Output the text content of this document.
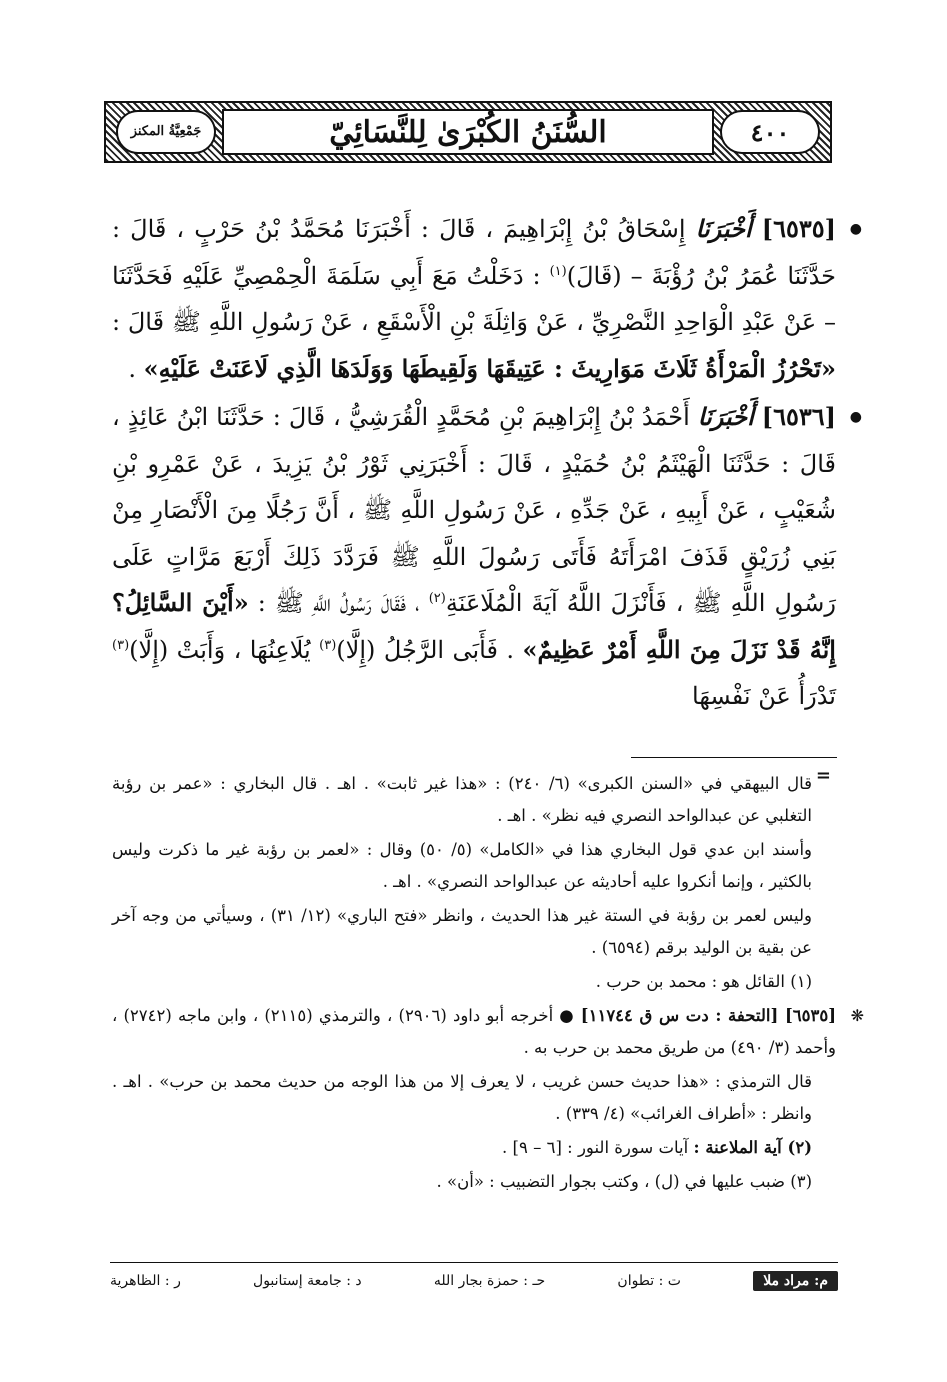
السُّنَنُ الكُبْرَىٰ لِلنَّسَائِيّ	٤٠٠
جَمْعِيَّةُ المكنز

● [٦٥٣٥] أَخْبَرَنَا إِسْحَاقُ بْنُ إِبْرَاهِيمَ ، قَالَ : أَخْبَرَنَا مُحَمَّدُ بْنُ حَرْبٍ ، قَالَ : حَدَّثَنَا عُمَرُ بْنُ رُؤْبَةَ – (قَالَ)$^{(١)}$ : دَخَلْتُ مَعَ أَبِي سَلَمَةَ الْحِمْصِيِّ عَلَيْهِ فَحَدَّثَنَا – عَنْ عَبْدِ الْوَاحِدِ النَّصْرِيِّ ، عَنْ وَاثِلَةَ بْنِ الْأَسْقَعِ ، عَنْ رَسُولِ اللَّهِ ﷺ قَالَ : «تَحْرُزُ الْمَرْأَةُ ثَلَاثَ مَوَارِيثَ : عَتِيقَهَا وَلَقِيطَهَا وَوَلَدَهَا الَّذِي لَاعَنَتْ عَلَيْهِ» .

● [٦٥٣٦] أَخْبَرَنَا أَحْمَدُ بْنُ إِبْرَاهِيمَ بْنِ مُحَمَّدٍ الْقُرَشِيُّ ، قَالَ : حَدَّثَنَا ابْنُ عَائِذٍ ، قَالَ : حَدَّثَنَا الْهَيْثَمُ بْنُ حُمَيْدٍ ، قَالَ : أَخْبَرَنِي ثَوْرُ بْنُ يَزِيدَ ، عَنْ عَمْرِو بْنِ شُعَيْبٍ ، عَنْ أَبِيهِ ، عَنْ جَدِّهِ ، عَنْ رَسُولِ اللَّهِ ﷺ ، أَنَّ رَجُلًا مِنَ الْأَنْصَارِ مِنْ بَنِي زُرَيْقٍ قَذَفَ امْرَأَتَهُ فَأَتَى رَسُولَ اللَّهِ ﷺ فَرَدَّدَ ذَلِكَ أَرْبَعَ مَرَّاتٍ عَلَى رَسُولِ اللَّهِ ﷺ ، فَأَنْزَلَ اللَّهُ آيَةَ الْمُلَاعَنَةِ$^{(٢)}$ ، فَقَالَ رَسُولُ اللَّهِ ﷺ : «أَيْنَ السَّائِلُ؟ إِنَّهُ قَدْ نَزَلَ مِنَ اللَّهِ أَمْرٌ عَظِيمٌ» . فَأَبَى الرَّجُلُ (إِلَّا)$^{(٣)}$ يُلَاعِنُهَا ، وَأَبَتْ (إِلَّا)$^{(٣)}$ تَدْرَأُ عَنْ نَفْسِهَا

=

قال البيهقي في «السنن الكبرى» (٦/ ٢٤٠) : «هذا غير ثابت» . اهـ . قال البخاري : «عمر بن رؤبة التغلبي عن عبدالواحد النصري فيه نظر» . اهـ .

وأسند ابن عدي قول البخاري هذا في «الكامل» (٥/ ٥٠) وقال : «لعمر بن رؤبة غير ما ذكرت وليس بالكثير ، وإنما أنكروا عليه أحاديثه عن عبدالواحد النصري» . اهـ .

وليس لعمر بن رؤبة في الستة غير هذا الحديث ، وانظر «فتح الباري» (١٢/ ٣١) ، وسيأتي من وجه آخر عن بقية بن الوليد برقم (٦٥٩٤) .

(١) القائل هو : محمد بن حرب .

❋ [٦٥٣٥] [التحفة : دت س ق ١١٧٤٤] ● أخرجه أبو داود (٢٩٠٦) ، والترمذي (٢١١٥) ، وابن ماجه (٢٧٤٢) ، وأحمد (٣/ ٤٩٠) من طريق محمد بن حرب به .

قال الترمذي : «هذا حديث حسن غريب ، لا يعرف إلا من هذا الوجه من حديث محمد بن حرب» . اهـ . وانظر : «أطراف الغرائب» (٤/ ٣٣٩) .

(٢) آية الملاعنة : آيات سورة النور : [٦ – ٩] .

(٣) ضبب عليها في (ل) ، وكتب بجوار التضبيب : «أن» .

م: مراد ملا
ت : تطوان
حـ : حمزة بجار الله
د : جامعة إستانبول
ر : الظاهرية
